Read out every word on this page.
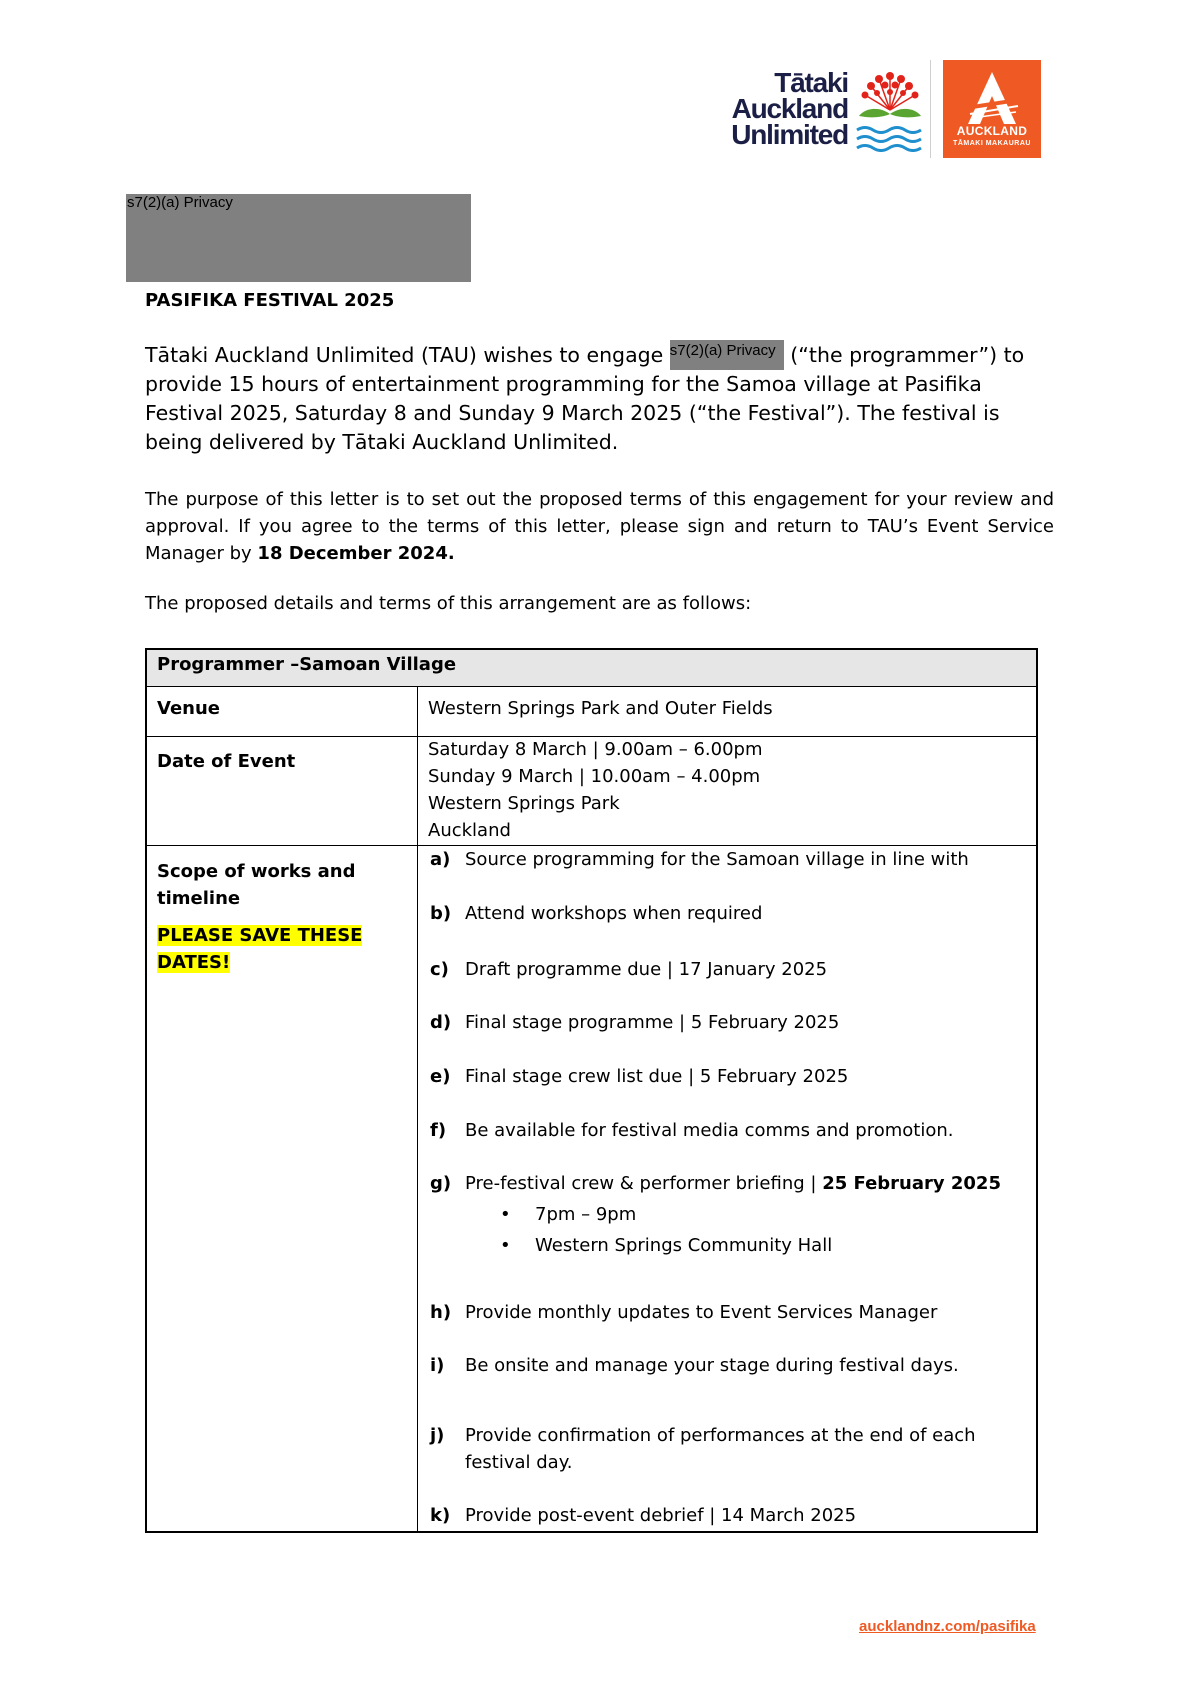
Tātaki
Auckland
Unlimited	AUCKLAND
TĀMAKI MAKAURAU
s7(2)(a) Privacy
PASIFIKA FESTIVAL 2025

Tātaki Auckland Unlimited (TAU) wishes to engage s7(2)(a) Privacy (“the programmer”) to provide 15 hours of entertainment programming for the Samoa village at Pasifika Festival 2025, Saturday 8 and Sunday 9 March 2025 (“the Festival”). The festival is being delivered by Tātaki Auckland Unlimited.

The purpose of this letter is to set out the proposed terms of this engagement for your review and approval. If you agree to the terms of this letter, please sign and return to TAU’s Event Service Manager by 18 December 2024.

The proposed details and terms of this arrangement are as follows:
Programmer –Samoan Village
Venue	Western Springs Park and Outer Fields
Date of Event
Saturday 8 March | 9.00am – 6.00pm
Sunday 9 March | 10.00am – 4.00pm
Western Springs Park
Auckland
Scope of works and
timeline
PLEASE SAVE THESE
DATES!
a) Source programming for the Samoan village in line with
b) Attend workshops when required
c) Draft programme due | 17 January 2025
d) Final stage programme | 5 February 2025
e) Final stage crew list due | 5 February 2025
f) Be available for festival media comms and promotion.
g) Pre-festival crew & performer briefing | 25 February 2025
• 7pm – 9pm
• Western Springs Community Hall
h) Provide monthly updates to Event Services Manager
i) Be onsite and manage your stage during festival days.
j) Provide confirmation of performances at the end of each festival day.
k) Provide post-event debrief | 14 March 2025
aucklandnz.com/pasifika
